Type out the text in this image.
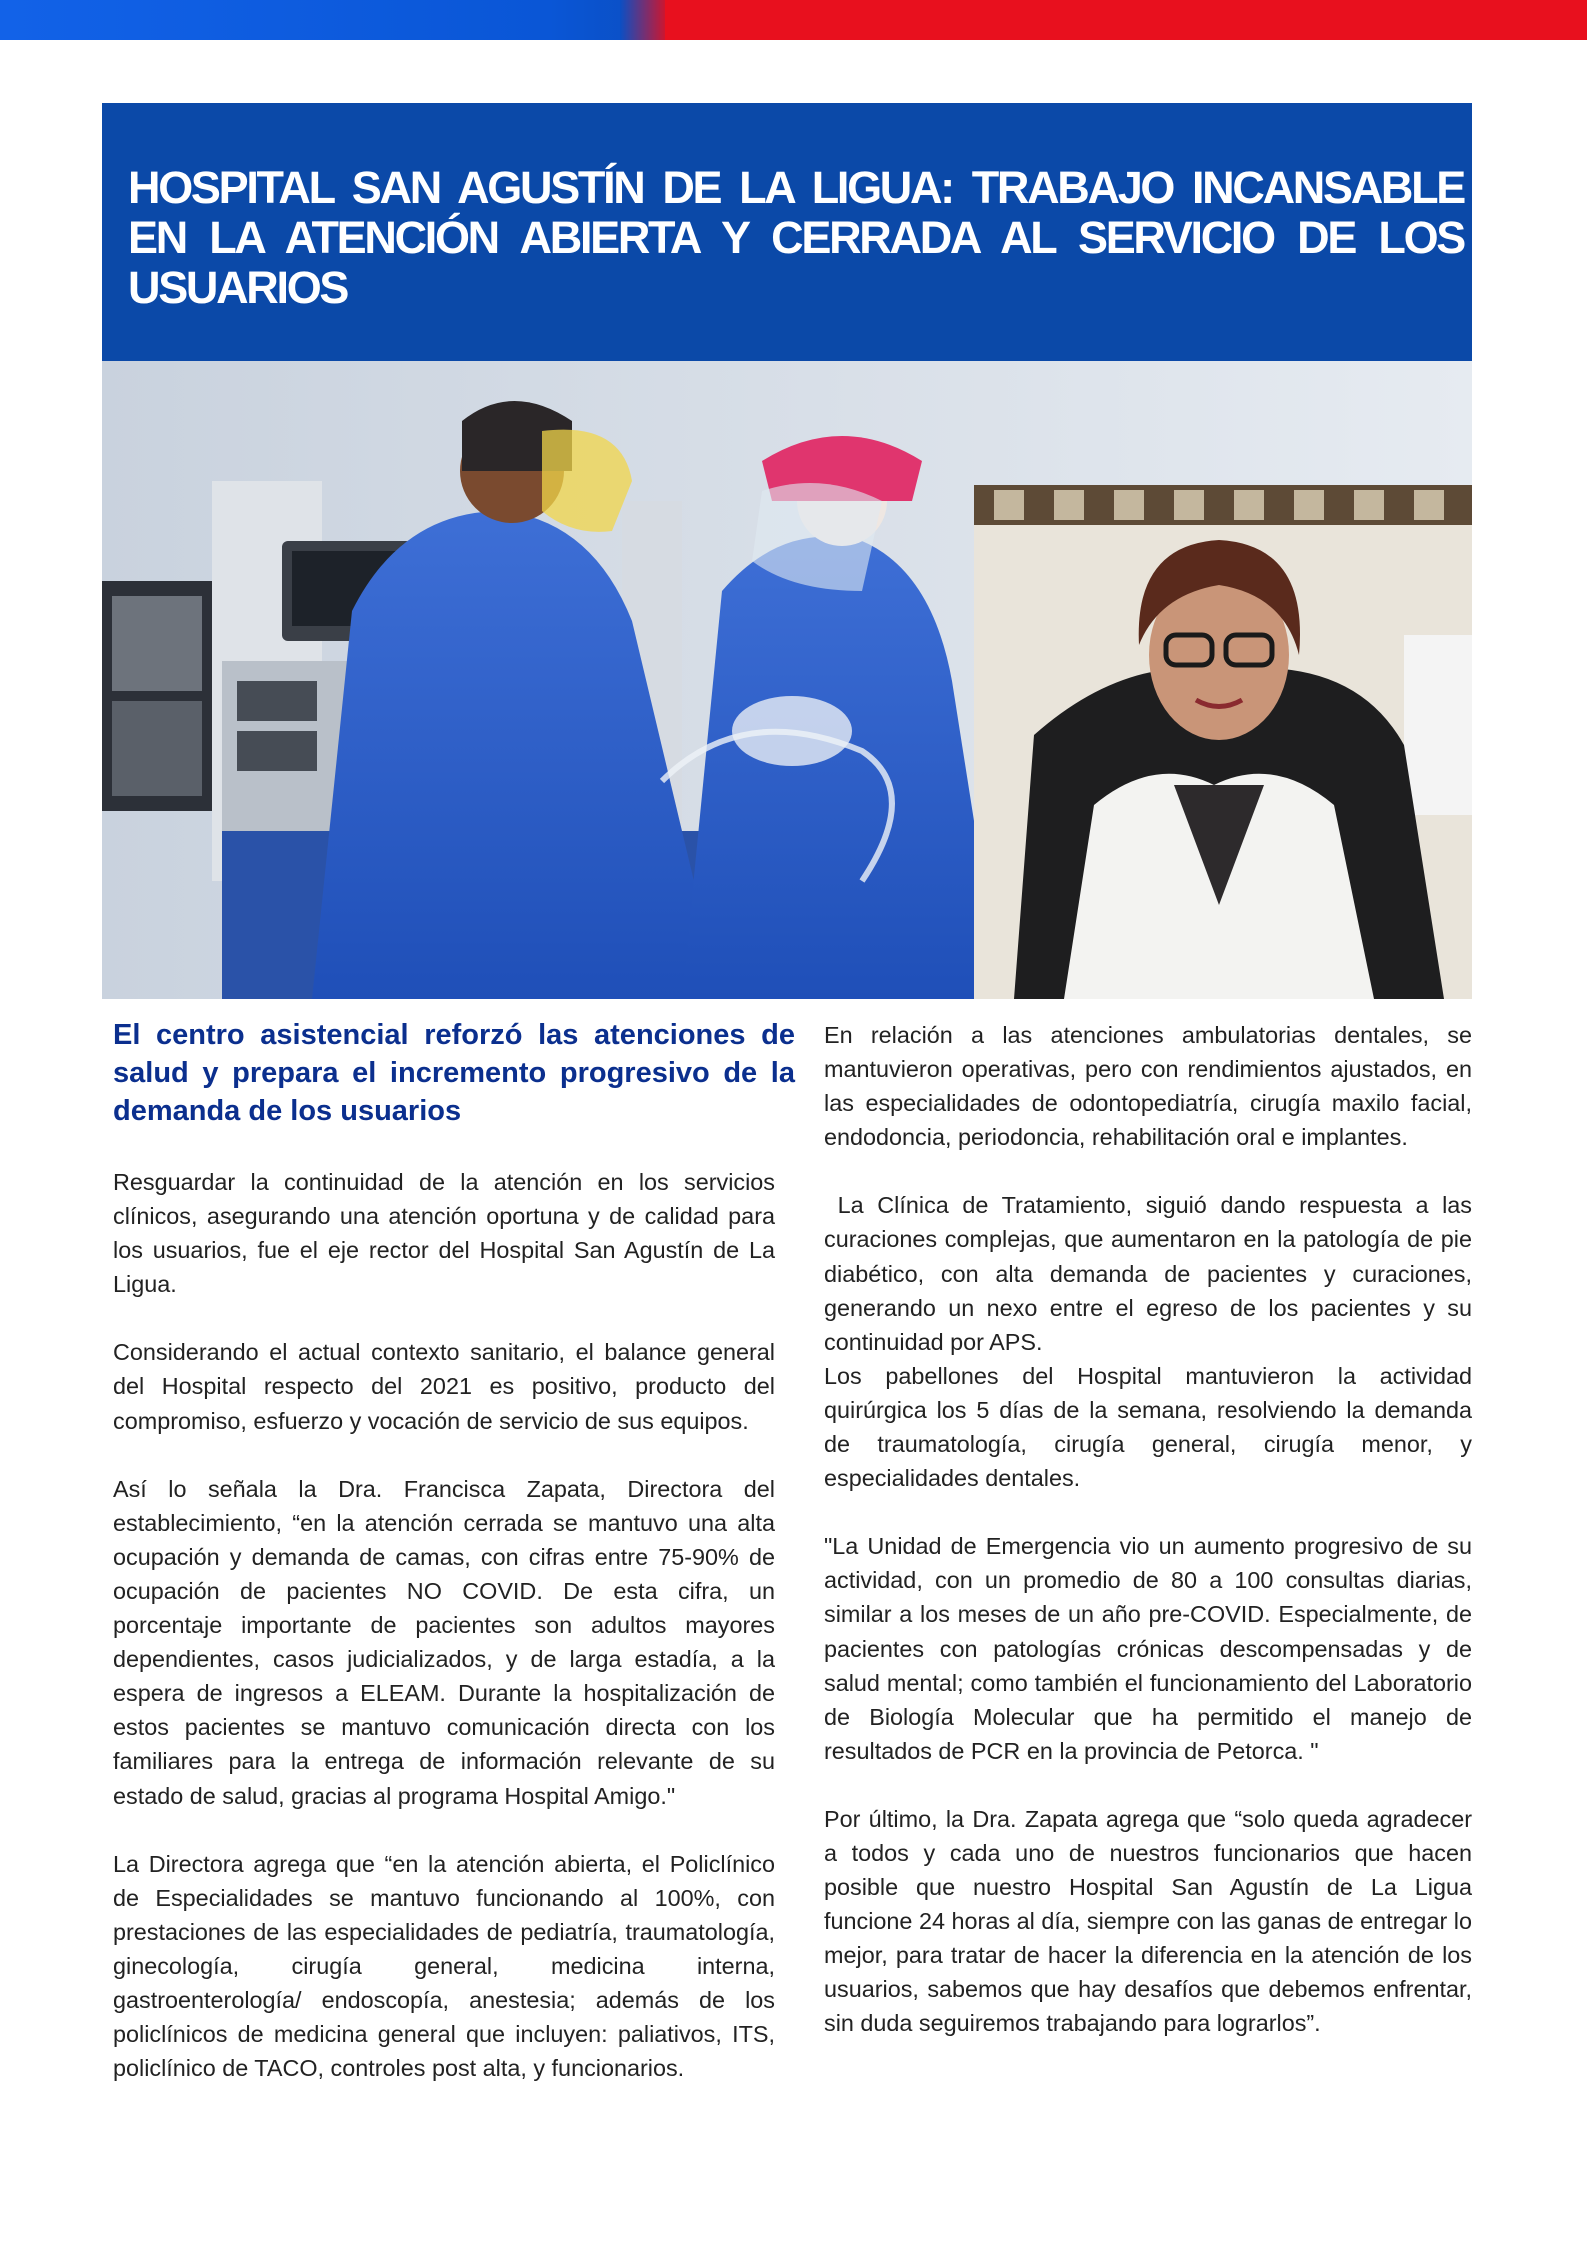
HOSPITAL SAN AGUSTÍN DE LA LIGUA: TRABAJO INCANSABLE EN LA ATENCIÓN ABIERTA Y CERRADA AL SERVICIO DE LOS USUARIOS
El centro asistencial reforzó las atenciones de salud y prepara el incremento progresivo de la demanda de los usuarios

Resguardar la continuidad de la atención en los servicios clínicos, asegurando una atención oportuna y de calidad para los usuarios, fue el eje rector del Hospital San Agustín de La Ligua.

Considerando el actual contexto sanitario, el balance general del Hospital respecto del 2021 es positivo, producto del compromiso, esfuerzo y vocación de servicio de sus equipos.

Así lo señala la Dra. Francisca Zapata, Directora del establecimiento, “en la atención cerrada se mantuvo una alta ocupación y demanda de camas, con cifras entre 75-90% de ocupación de pacientes NO COVID. De esta cifra, un porcentaje importante de pacientes son adultos mayores dependientes, casos judicializados, y de larga estadía, a la espera de ingresos a ELEAM. Durante la hospitalización de estos pacientes se mantuvo comunicación directa con los familiares para la entrega de información relevante de su estado de salud, gracias al programa Hospital Amigo."

La Directora agrega que “en la atención abierta, el Policlínico de Especialidades se mantuvo funcionando al 100%, con prestaciones de las especialidades de pediatría, traumatología, ginecología, cirugía general, medicina interna, gastroenterología/ endoscopía, anestesia; además de los policlínicos de medicina general que incluyen: paliativos, ITS, policlínico de TACO, controles post alta, y funcionarios.

En relación a las atenciones ambulatorias dentales, se mantuvieron operativas, pero con rendimientos ajustados, en las especialidades de odontopediatría, cirugía maxilo facial, endodoncia, periodoncia, rehabilitación oral e implantes.

La Clínica de Tratamiento, siguió dando respuesta a las curaciones complejas, que aumentaron en la patología de pie diabético, con alta demanda de pacientes y curaciones, generando un nexo entre el egreso de los pacientes y su continuidad por APS.

Los pabellones del Hospital mantuvieron la actividad quirúrgica los 5 días de la semana, resolviendo la demanda de traumatología, cirugía general, cirugía menor, y especialidades dentales.

"La Unidad de Emergencia vio un aumento progresivo de su actividad, con un promedio de 80 a 100 consultas diarias, similar a los meses de un año pre-COVID. Especialmente, de pacientes con patologías crónicas descompensadas y de salud mental; como también el funcionamiento del Laboratorio de Biología Molecular que ha permitido el manejo de resultados de PCR en la provincia de Petorca. "

Por último, la Dra. Zapata agrega que “solo queda agradecer a todos y cada uno de nuestros funcionarios que hacen posible que nuestro Hospital San Agustín de La Ligua funcione 24 horas al día, siempre con las ganas de entregar lo mejor, para tratar de hacer la diferencia en la atención de los usuarios, sabemos que hay desafíos que debemos enfrentar, sin duda seguiremos trabajando para lograrlos”.
